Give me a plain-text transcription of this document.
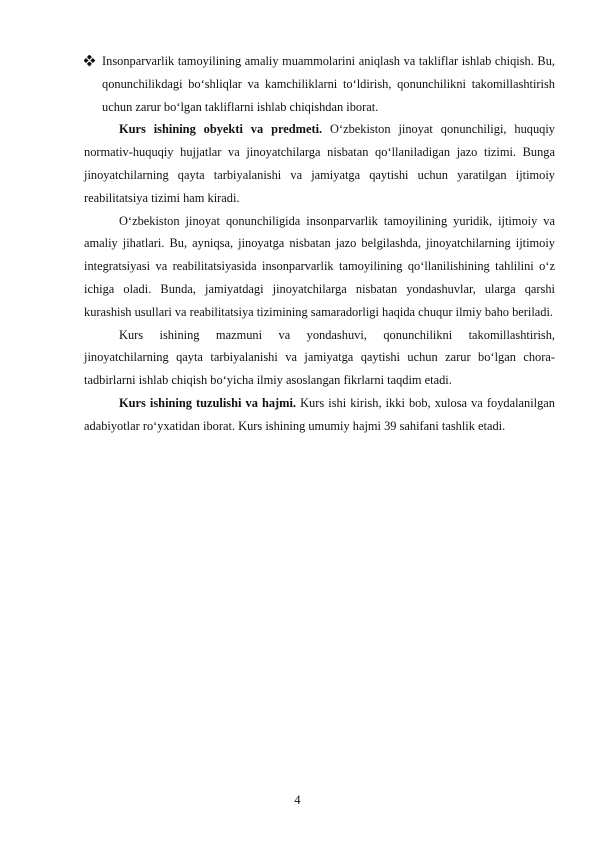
Insonparvarlik tamoyilining amaliy muammolarini aniqlash va takliflar ishlab chiqish. Bu, qonunchilikdagi bo‘shliqlar va kamchiliklarni to‘ldirish, qonunchilikni takomillashtirish uchun zarur bo‘lgan takliflarni ishlab chiqishdan iborat.

Kurs ishining obyekti va predmeti. O‘zbekiston jinoyat qonunchiligi, huquqiy normativ-huquqiy hujjatlar va jinoyatchilarga nisbatan qo‘llaniladigan jazo tizimi. Bunga jinoyatchilarning qayta tarbiyalanishi va jamiyatga qaytishi uchun yaratilgan ijtimoiy reabilitatsiya tizimi ham kiradi.

O‘zbekiston jinoyat qonunchiligida insonparvarlik tamoyilining yuridik, ijtimoiy va amaliy jihatlari. Bu, ayniqsa, jinoyatga nisbatan jazo belgilashda, jinoyatchilarning ijtimoiy integratsiyasi va reabilitatsiyasida insonparvarlik tamoyilining qo‘llanilishining tahlilini o‘z ichiga oladi. Bunda, jamiyatdagi jinoyatchilarga nisbatan yondashuvlar, ularga qarshi kurashish usullari va reabilitatsiya tizimining samaradorligi haqida chuqur ilmiy baho beriladi.

Kurs ishining mazmuni va yondashuvi, qonunchilikni takomillashtirish, jinoyatchilarning qayta tarbiyalanishi va jamiyatga qaytishi uchun zarur bo‘lgan chora-tadbirlarni ishlab chiqish bo‘yicha ilmiy asoslangan fikrlarni taqdim etadi.

Kurs ishining tuzulishi va hajmi. Kurs ishi kirish, ikki bob, xulosa va foydalanilgan adabiyotlar ro‘yxatidan iborat. Kurs ishining umumiy hajmi 39 sahifani tashlik etadi.

4
